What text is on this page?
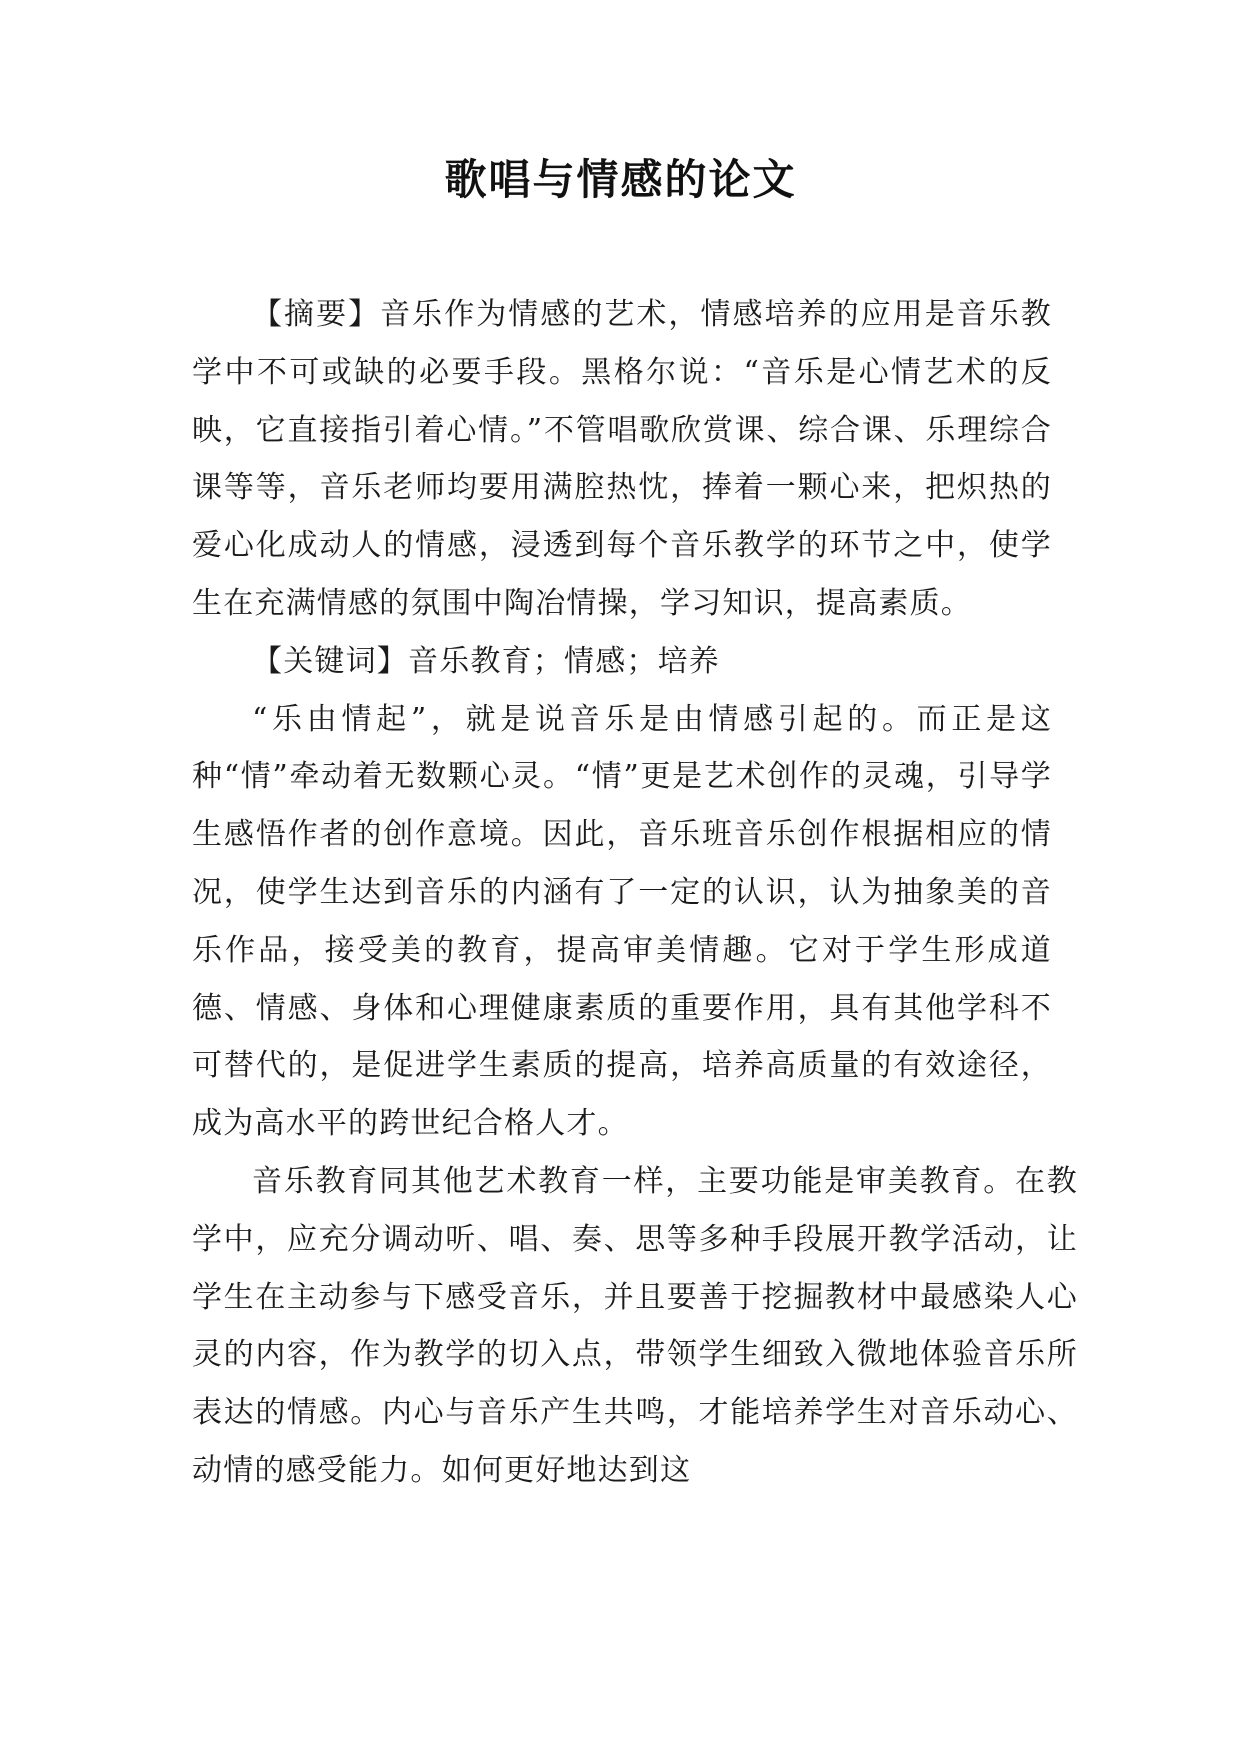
歌唱与情感的论文

【摘要】音乐作为情感的艺术，情感培养的应用是音乐教学中不可或缺的必要手段。黑格尔说：“音乐是心情艺术的反映，它直接指引着心情。”不管唱歌欣赏课、综合课、乐理综合课等等，音乐老师均要用满腔热忱，捧着一颗心来，把炽热的爱心化成动人的情感，浸透到每个音乐教学的环节之中，使学生在充满情感的氛围中陶冶情操，学习知识，提高素质。

【关键词】音乐教育；情感；培养

“乐由情起”，就是说音乐是由情感引起的。而正是这种“情”牵动着无数颗心灵。“情”更是艺术创作的灵魂，引导学生感悟作者的创作意境。因此，音乐班音乐创作根据相应的情况，使学生达到音乐的内涵有了一定的认识，认为抽象美的音乐作品，接受美的教育，提高审美情趣。它对于学生形成道德、情感、身体和心理健康素质的重要作用，具有其他学科不可替代的，是促进学生素质的提高，培养高质量的有效途径，成为高水平的跨世纪合格人才。

音乐教育同其他艺术教育一样，主要功能是审美教育。在教学中，应充分调动听、唱、奏、思等多种手段展开教学活动，让学生在主动参与下感受音乐，并且要善于挖掘教材中最感染人心灵的内容，作为教学的切入点，带领学生细致入微地体验音乐所表达的情感。内心与音乐产生共鸣，才能培养学生对音乐动心、动情的感受能力。如何更好地达到这
